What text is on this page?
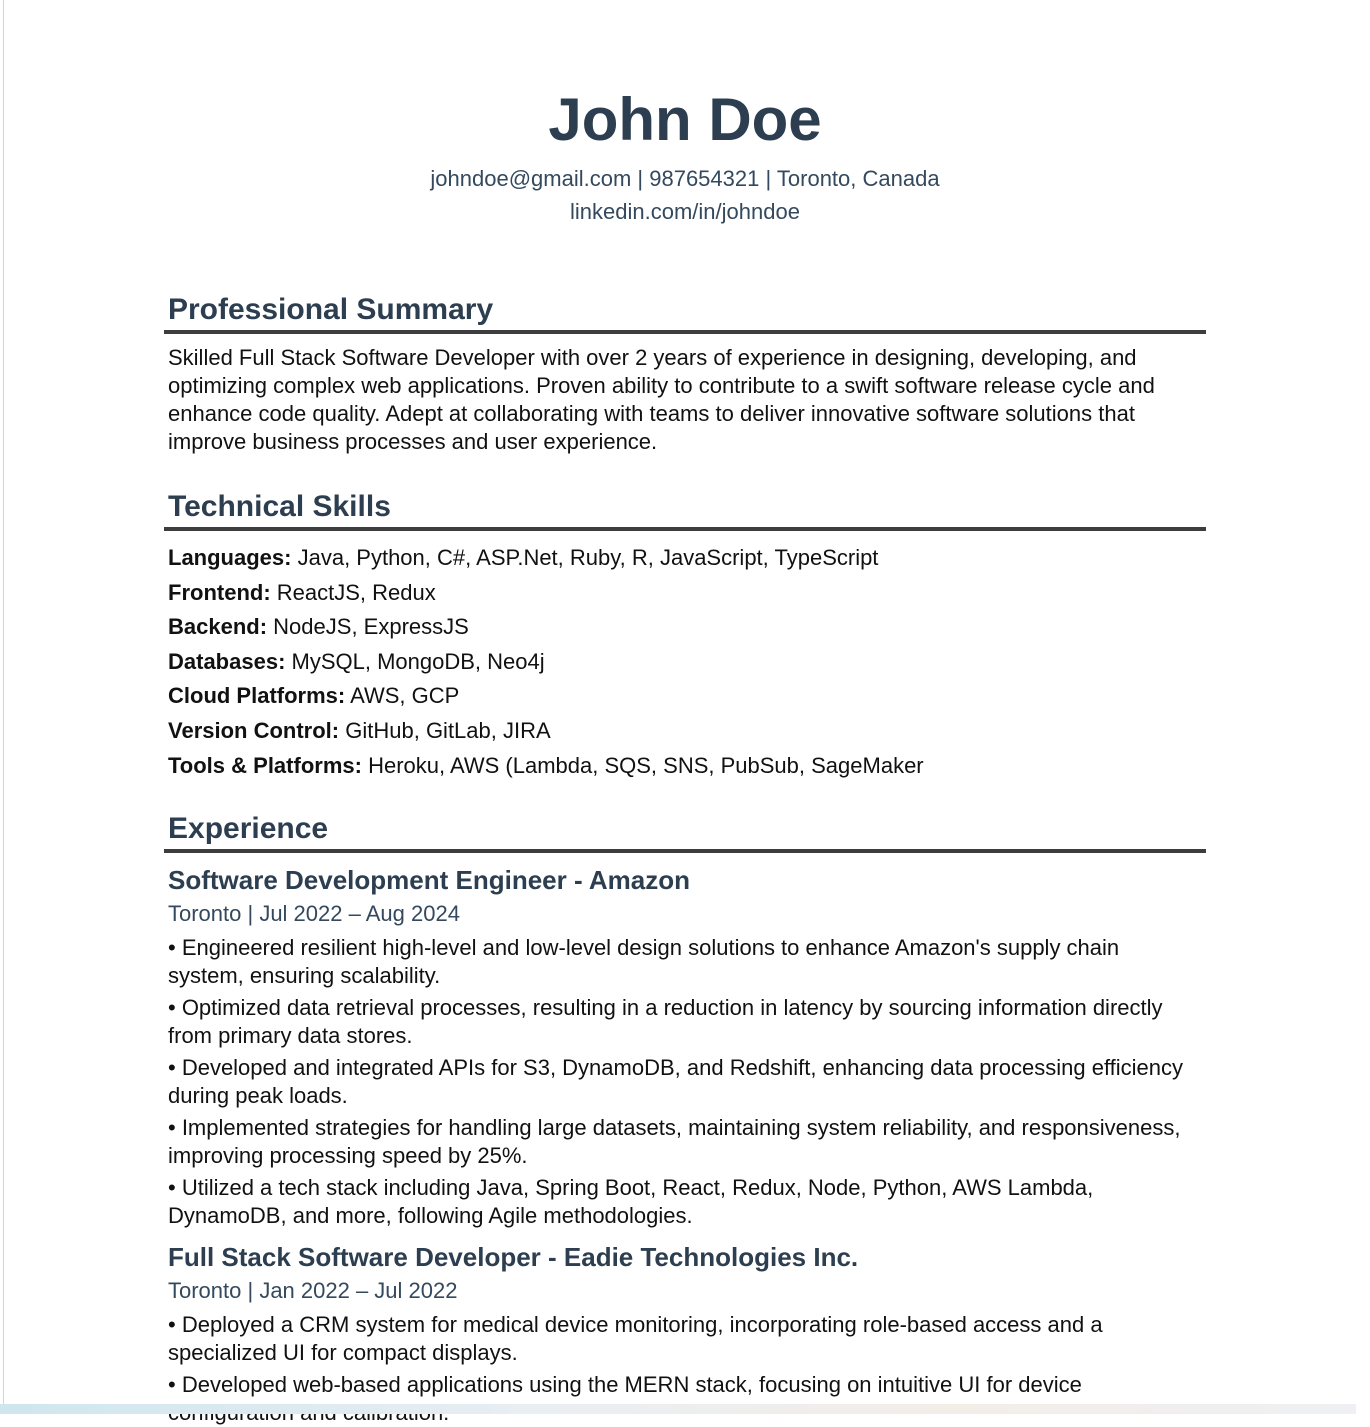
John Doe
johndoe@gmail.com | 987654321 | Toronto, Canada
linkedin.com/in/johndoe
Professional Summary
Skilled Full Stack Software Developer with over 2 years of experience in designing, developing, and optimizing complex web applications. Proven ability to contribute to a swift software release cycle and enhance code quality. Adept at collaborating with teams to deliver innovative software solutions that improve business processes and user experience.
Technical Skills
Languages: Java, Python, C#, ASP.Net, Ruby, R, JavaScript, TypeScript
Frontend: ReactJS, Redux
Backend: NodeJS, ExpressJS
Databases: MySQL, MongoDB, Neo4j
Cloud Platforms: AWS, GCP
Version Control: GitHub, GitLab, JIRA
Tools & Platforms: Heroku, AWS (Lambda, SQS, SNS, PubSub, SageMaker
Experience
Software Development Engineer - Amazon
Toronto | Jul 2022 – Aug 2024
• Engineered resilient high-level and low-level design solutions to enhance Amazon's supply chain system, ensuring scalability.
• Optimized data retrieval processes, resulting in a reduction in latency by sourcing information directly from primary data stores.
• Developed and integrated APIs for S3, DynamoDB, and Redshift, enhancing data processing efficiency during peak loads.
• Implemented strategies for handling large datasets, maintaining system reliability, and responsiveness, improving processing speed by 25%.
• Utilized a tech stack including Java, Spring Boot, React, Redux, Node, Python, AWS Lambda, DynamoDB, and more, following Agile methodologies.
Full Stack Software Developer - Eadie Technologies Inc.
Toronto | Jan 2022 – Jul 2022
• Deployed a CRM system for medical device monitoring, incorporating role-based access and a specialized UI for compact displays.
• Developed web-based applications using the MERN stack, focusing on intuitive UI for device
